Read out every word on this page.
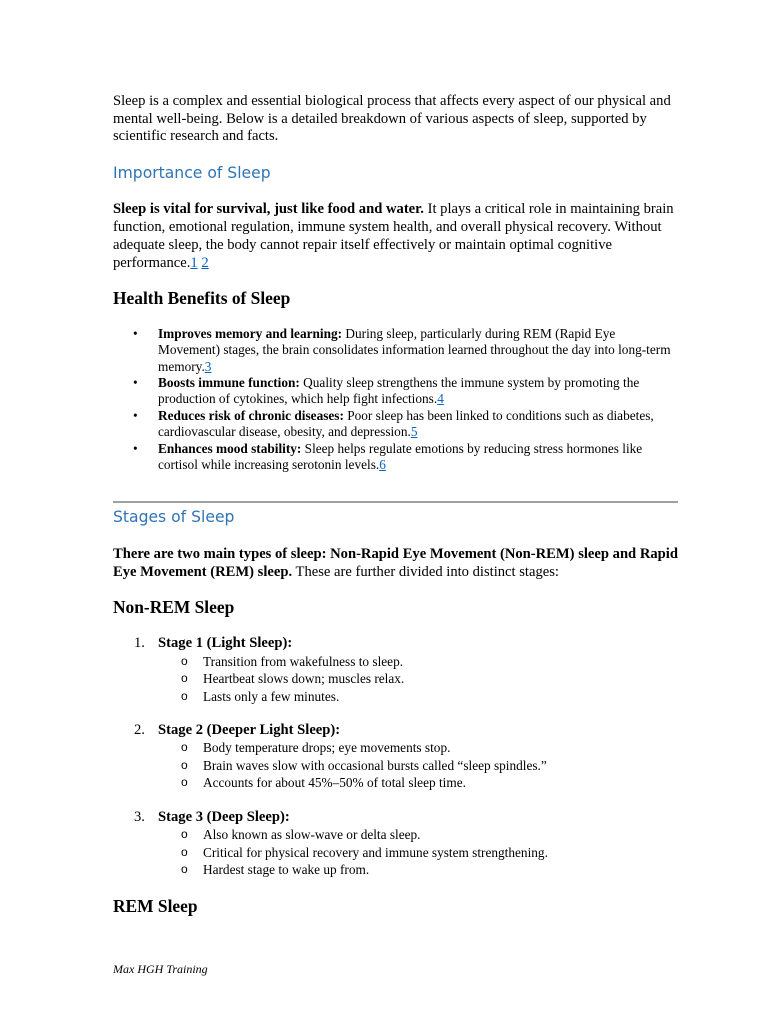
Sleep is a complex and essential biological process that affects every aspect of our physical and mental well-being. Below is a detailed breakdown of various aspects of sleep, supported by scientific research and facts.

Importance of Sleep

Sleep is vital for survival, just like food and water. It plays a critical role in maintaining brain function, emotional regulation, immune system health, and overall physical recovery. Without adequate sleep, the body cannot repair itself effectively or maintain optimal cognitive performance.1 2

Health Benefits of Sleep
• Improves memory and learning: During sleep, particularly during REM (Rapid Eye Movement) stages, the brain consolidates information learned throughout the day into long-term memory.3
• Boosts immune function: Quality sleep strengthens the immune system by promoting the production of cytokines, which help fight infections.4
• Reduces risk of chronic diseases: Poor sleep has been linked to conditions such as diabetes, cardiovascular disease, obesity, and depression.5
• Enhances mood stability: Sleep helps regulate emotions by reducing stress hormones like cortisol while increasing serotonin levels.6
Stages of Sleep

There are two main types of sleep: Non-Rapid Eye Movement (Non-REM) sleep and Rapid Eye Movement (REM) sleep. These are further divided into distinct stages:

Non-REM Sleep
1. Stage 1 (Light Sleep):
o Transition from wakefulness to sleep.
o Heartbeat slows down; muscles relax.
o Lasts only a few minutes.
2. Stage 2 (Deeper Light Sleep):
o Body temperature drops; eye movements stop.
o Brain waves slow with occasional bursts called “sleep spindles.”
o Accounts for about 45%–50% of total sleep time.
3. Stage 3 (Deep Sleep):
o Also known as slow-wave or delta sleep.
o Critical for physical recovery and immune system strengthening.
o Hardest stage to wake up from.
REM Sleep
Max HGH Training
